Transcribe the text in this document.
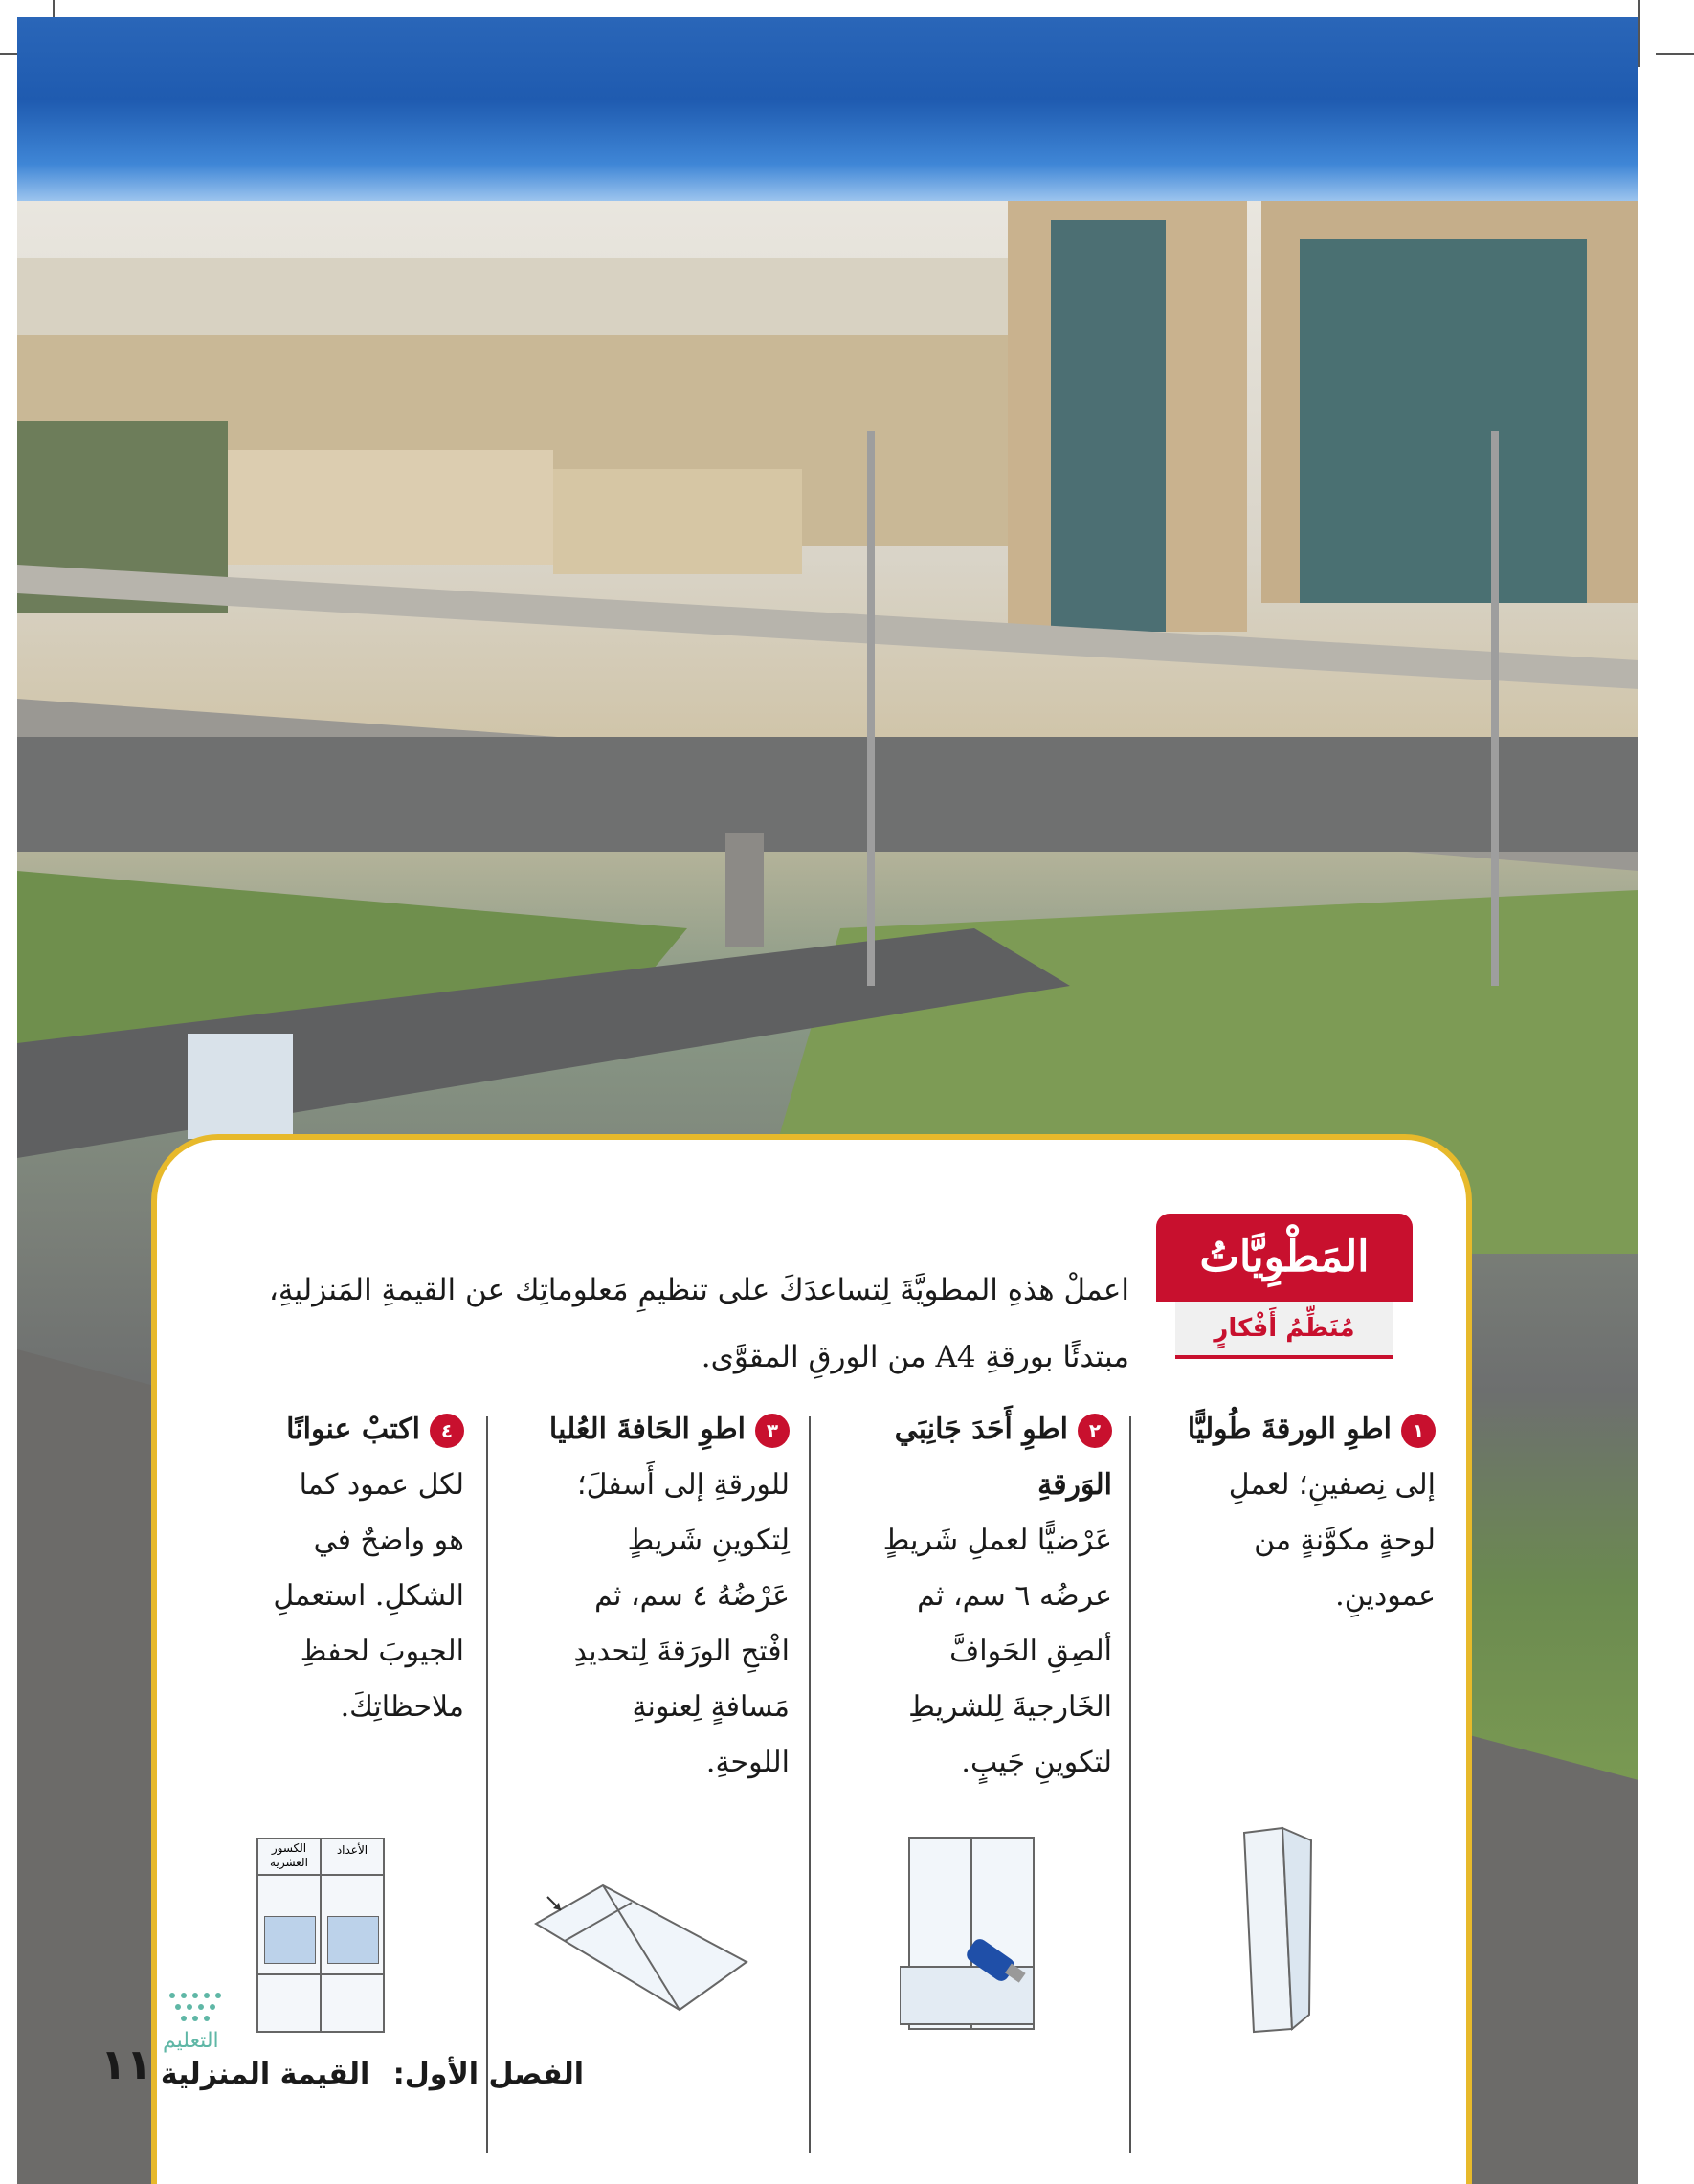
المَطْوِيَّاتُ
مُنَظِّمُ أَفْكارٍ
اعملْ هذهِ المطويَّةَ لِتساعدَكَ على تنظيمِ مَعلوماتِك عن القيمةِ المَنزليةِ،
مبتدئًا بورقةِ A4 من الورقِ المقوَّى.
١اطوِ الورقةَ طُوليًّا
إلى نِصفينِ؛ لعملِ
لوحةٍ مكوَّنةٍ من
عمودينِ.
٢اطوِ أَحَدَ جَانِبَي الوَرقةِ
عَرْضيًّا لعملِ شَريطٍ
عرضُه ٦ سم، ثم
ألصِقِ الحَوافَّ
الخَارجيةَ لِلشريطِ
لتكوينِ جَيبٍ.
٣اطوِ الحَافةَ العُليا
للورقةِ إلى أَسفلَ؛
لِتكوينِ شَريطٍ
عَرْضُهُ ٤ سم، ثم
افْتحِ الورَقةَ لِتحديدِ
مَسافةٍ لِعنونةِ
اللوحةِ.
٤اكتبْ عنوانًا
لكل عمود كما
هو واضحٌ في
الشكلِ. استعملِ
الجيوبَ لحفظِ
ملاحظاتِكَ.
الكسور العشرية
الأعداد
الفصل الأول: القيمة المنزلية
١١ التعليم
